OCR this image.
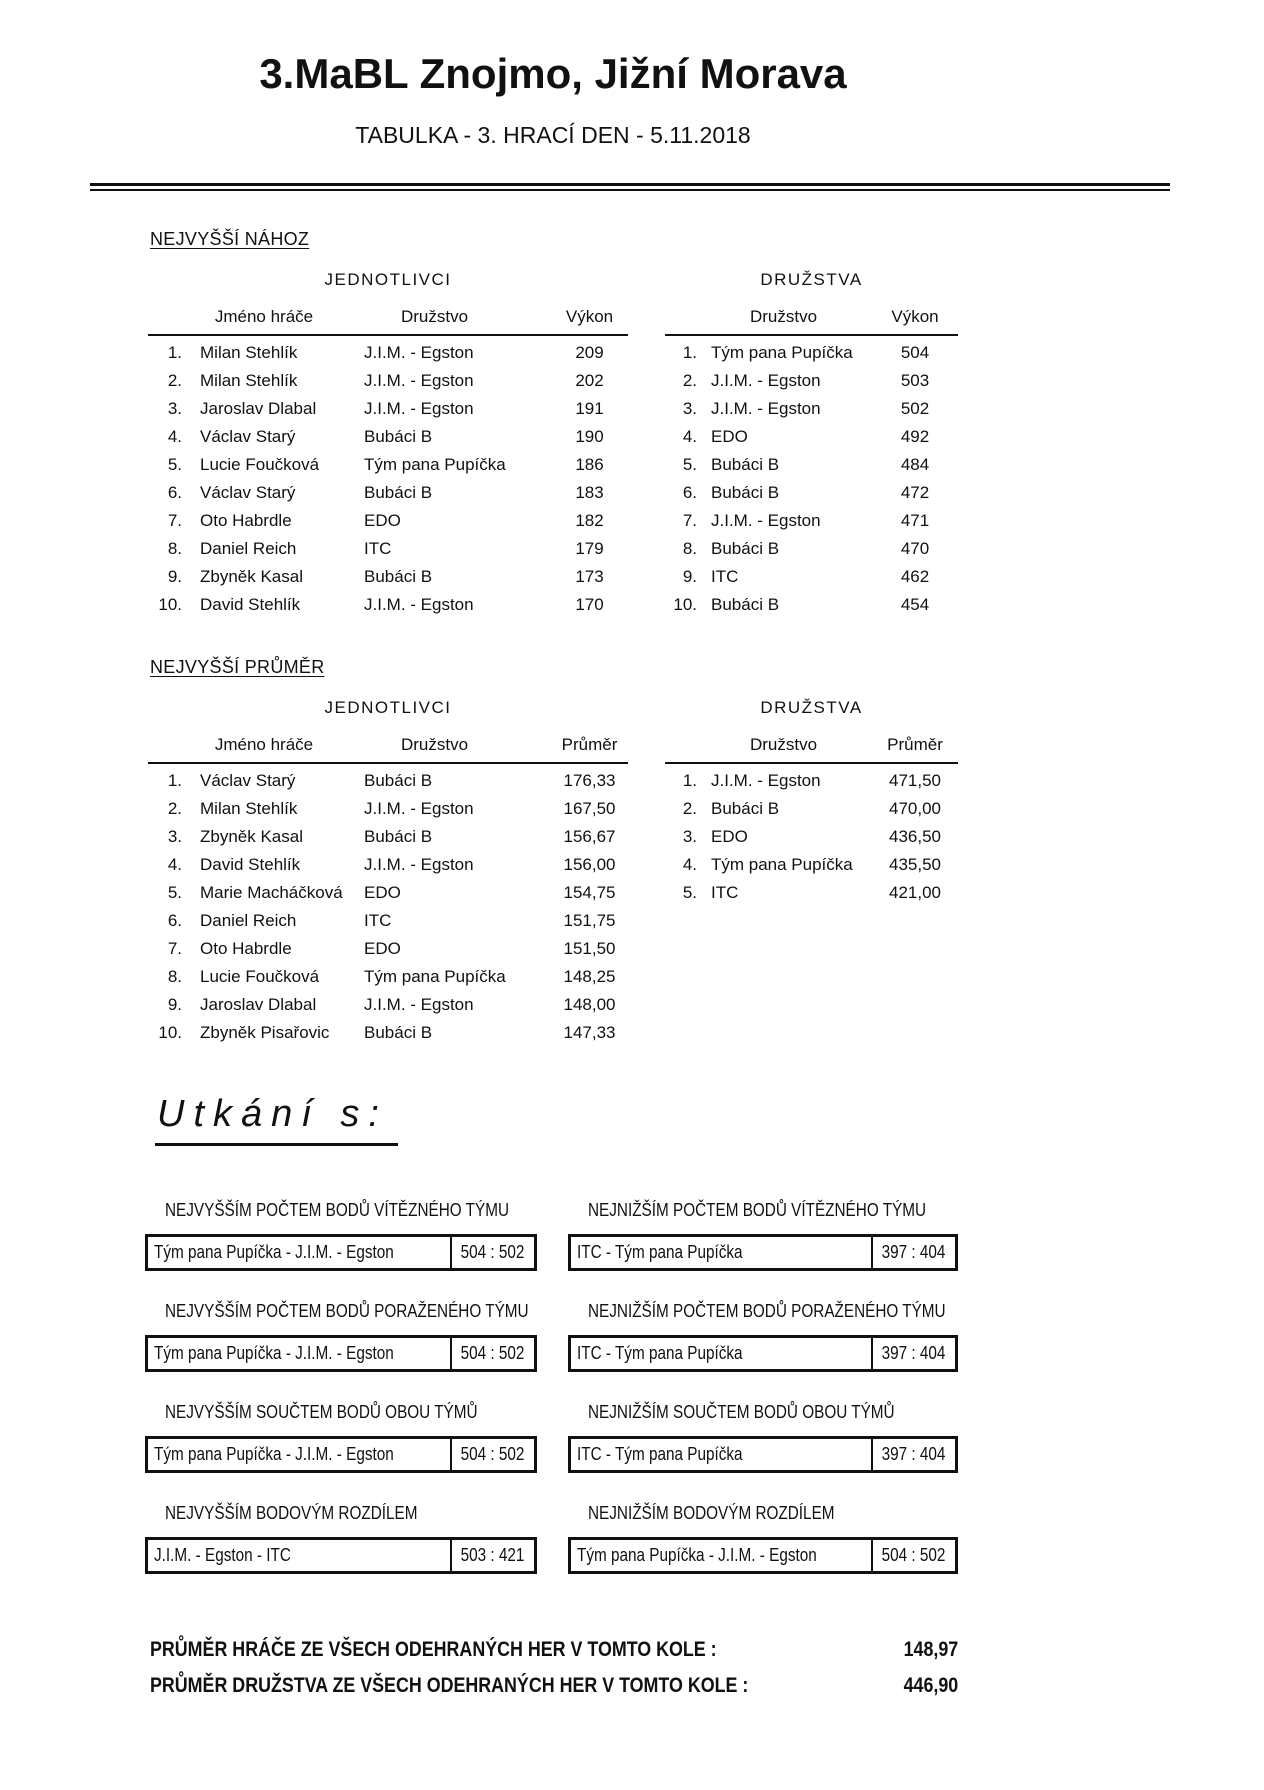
3.MaBL Znojmo, Jižní Morava
TABULKA - 3. HRACÍ DEN - 5.11.2018
NEJVYŠŠÍ NÁHOZ
JEDNOTLIVCI
Jméno hráče	Družstvo	Výkon
1.	Milan Stehlík	J.I.M. - Egston	209
2.	Milan Stehlík	J.I.M. - Egston	202
3.	Jaroslav Dlabal	J.I.M. - Egston	191
4.	Václav Starý	Bubáci B	190
5.	Lucie Foučková	Tým pana Pupíčka	186
6.	Václav Starý	Bubáci B	183
7.	Oto Habrdle	EDO	182
8.	Daniel Reich	ITC	179
9.	Zbyněk Kasal	Bubáci B	173
10.	David Stehlík	J.I.M. - Egston	170
DRUŽSTVA
Družstvo	Výkon
1. Tým pana Pupíčka	504
2. J.I.M. - Egston	503
3. J.I.M. - Egston	502
4. EDO	492
5. Bubáci B	484
6. Bubáci B	472
7. J.I.M. - Egston	471
8. Bubáci B	470
9. ITC	462
10. Bubáci B	454
NEJVYŠŠÍ PRŮMĚR
JEDNOTLIVCI
Jméno hráče	Družstvo	Průměr
1.	Václav Starý	Bubáci B	176,33
2.	Milan Stehlík	J.I.M. - Egston	167,50
3.	Zbyněk Kasal	Bubáci B	156,67
4.	David Stehlík	J.I.M. - Egston	156,00
5.	Marie Macháčková	EDO	154,75
6.	Daniel Reich	ITC	151,75
7.	Oto Habrdle	EDO	151,50
8.	Lucie Foučková	Tým pana Pupíčka	148,25
9.	Jaroslav Dlabal	J.I.M. - Egston	148,00
10.	Zbyněk Pisařovic	Bubáci B	147,33
DRUŽSTVA
Družstvo	Průměr
1. J.I.M. - Egston	471,50
2. Bubáci B	470,00
3. EDO	436,50
4. Tým pana Pupíčka	435,50
5. ITC	421,00
Utkání s:
NEJVYŠŠÍM POČTEM BODŮ VÍTĚZNÉHO TÝMU
Tým pana Pupíčka - J.I.M. - Egston	504 : 502
NEJNIŽŠÍM POČTEM BODŮ VÍTĚZNÉHO TÝMU
ITC - Tým pana Pupíčka	397 : 404
NEJVYŠŠÍM POČTEM BODŮ PORAŽENÉHO TÝMU
Tým pana Pupíčka - J.I.M. - Egston	504 : 502
NEJNIŽŠÍM POČTEM BODŮ PORAŽENÉHO TÝMU
ITC - Tým pana Pupíčka	397 : 404
NEJVYŠŠÍM SOUČTEM BODŮ OBOU TÝMŮ
Tým pana Pupíčka - J.I.M. - Egston	504 : 502
NEJNIŽŠÍM SOUČTEM BODŮ OBOU TÝMŮ
ITC - Tým pana Pupíčka	397 : 404
NEJVYŠŠÍM BODOVÝM ROZDÍLEM
J.I.M. - Egston - ITC	503 : 421
NEJNIŽŠÍM BODOVÝM ROZDÍLEM
Tým pana Pupíčka - J.I.M. - Egston	504 : 502
PRŮMĚR HRÁČE ZE VŠECH ODEHRANÝCH HER V TOMTO KOLE :	148,97
PRŮMĚR DRUŽSTVA ZE VŠECH ODEHRANÝCH HER V TOMTO KOLE :	446,90
